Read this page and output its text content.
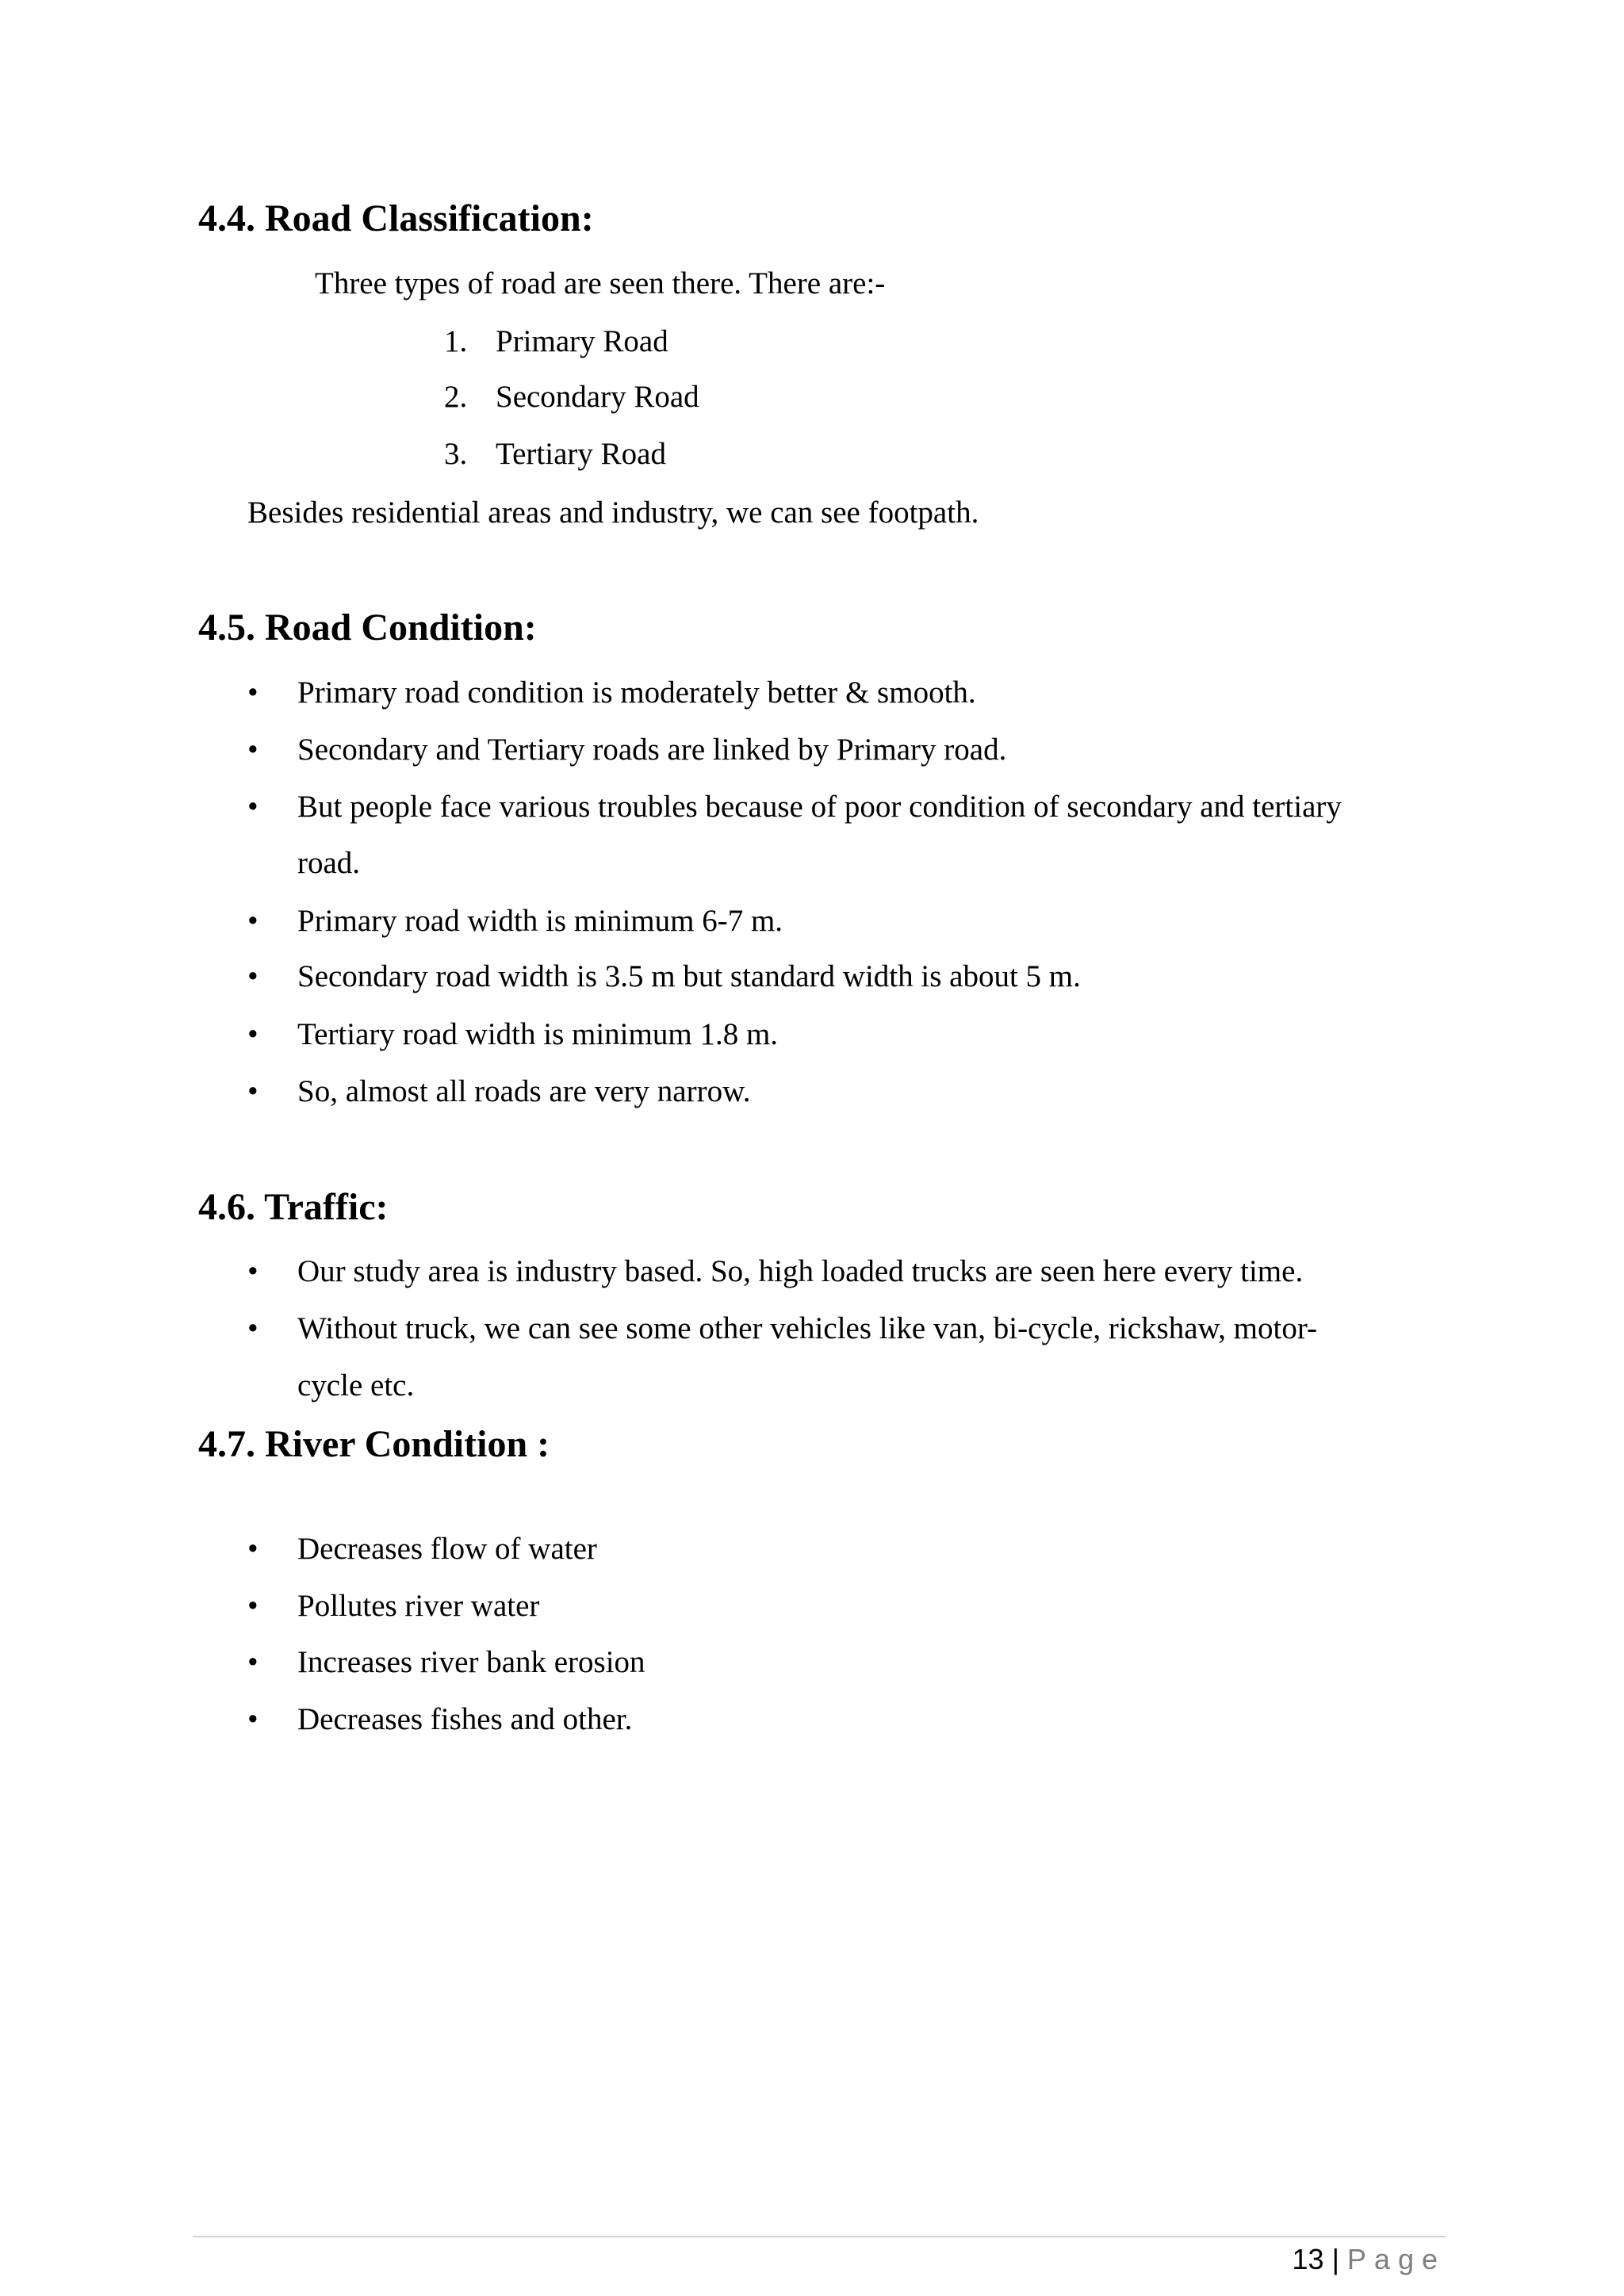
4.4. Road Classification:
Three types of road are seen there. There are:-
1. Primary Road
2. Secondary Road
3. Tertiary Road
Besides residential areas and industry, we can see footpath.
4.5. Road Condition:
• Primary road condition is moderately better & smooth.
• Secondary and Tertiary roads are linked by Primary road.
• But people face various troubles because of poor condition of secondary and tertiary
road.
• Primary road width is minimum 6-7 m.
• Secondary road width is 3.5 m but standard width is about 5 m.
• Tertiary road width is minimum 1.8 m.
• So, almost all roads are very narrow.
4.6. Traffic:
• Our study area is industry based. So, high loaded trucks are seen here every time.
• Without truck, we can see some other vehicles like van, bi-cycle, rickshaw, motor-
cycle etc.
4.7. River Condition :
• Decreases flow of water
• Pollutes river water
• Increases river bank erosion
• Decreases fishes and other.
13 | Page
